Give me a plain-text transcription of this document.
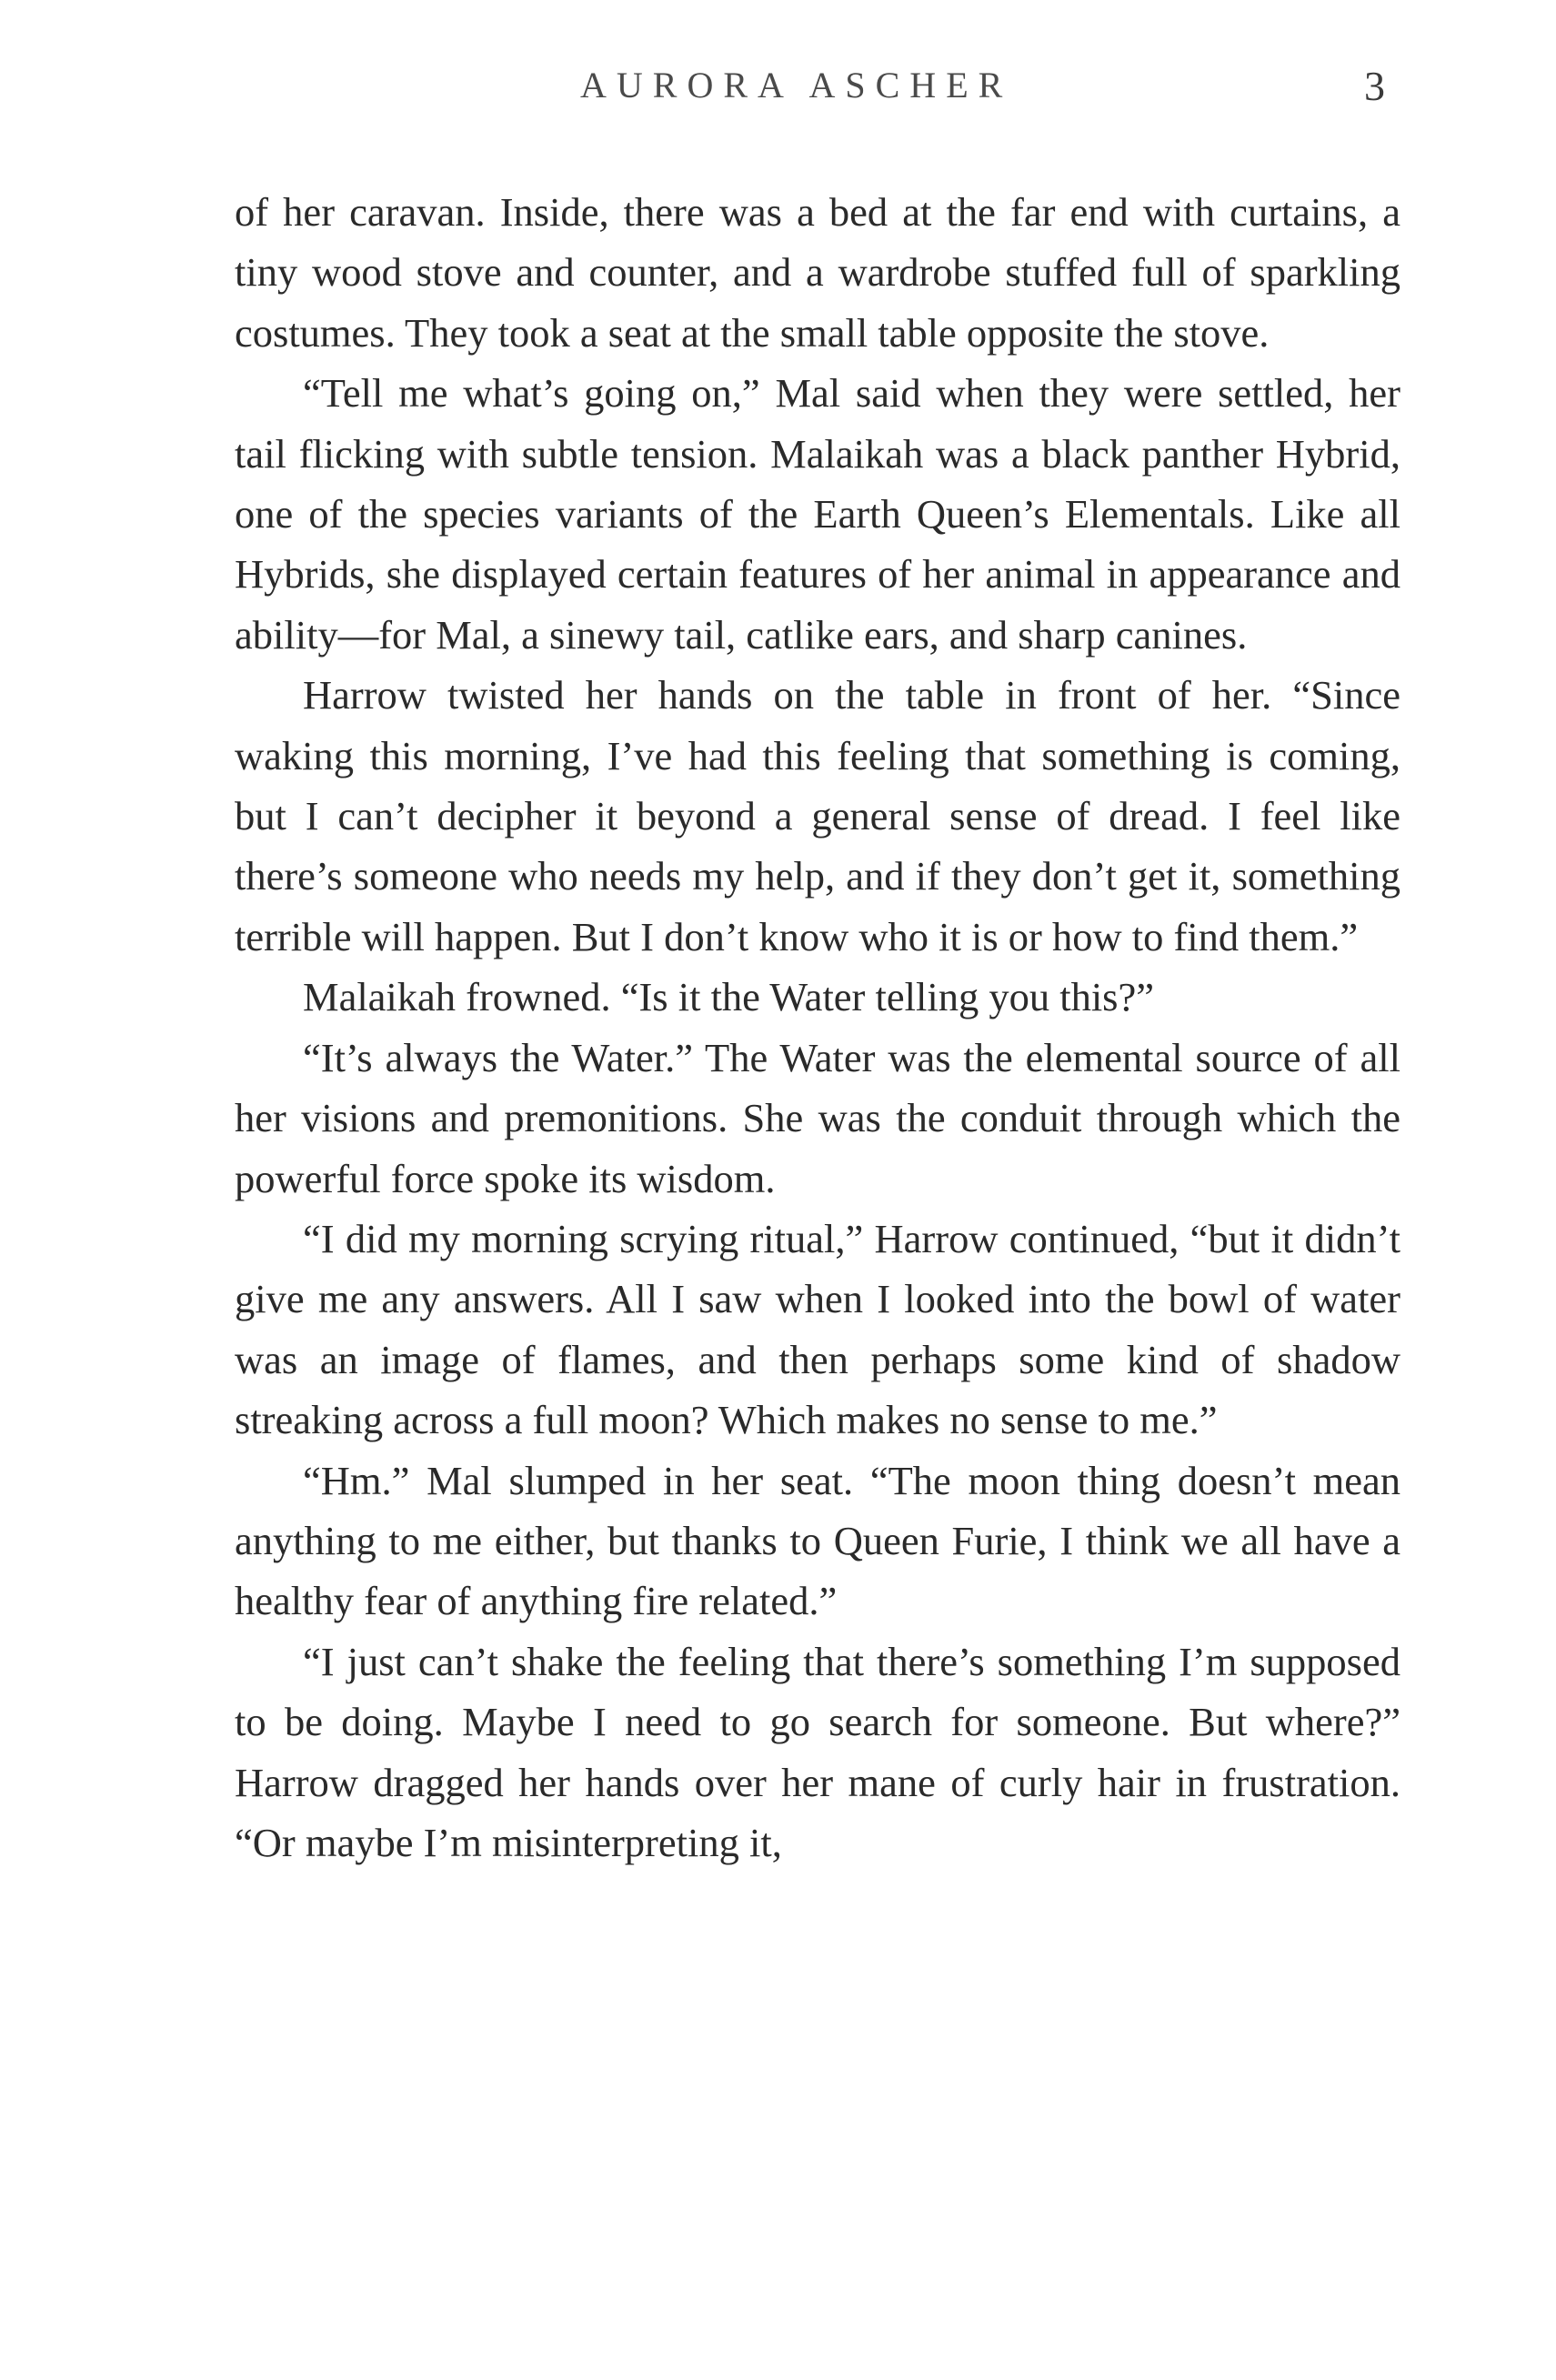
AURORA ASCHER	3

of her caravan. Inside, there was a bed at the far end with curtains, a tiny wood stove and counter, and a wardrobe stuffed full of sparkling costumes. They took a seat at the small table opposite the stove.

“Tell me what’s going on,” Mal said when they were settled, her tail flicking with subtle tension. Malaikah was a black panther Hybrid, one of the species variants of the Earth Queen’s Elementals. Like all Hybrids, she displayed certain features of her animal in appearance and ability—for Mal, a sinewy tail, catlike ears, and sharp canines.

Harrow twisted her hands on the table in front of her. “Since waking this morning, I’ve had this feeling that something is coming, but I can’t decipher it beyond a general sense of dread. I feel like there’s someone who needs my help, and if they don’t get it, something terrible will happen. But I don’t know who it is or how to find them.”

Malaikah frowned. “Is it the Water telling you this?”

“It’s always the Water.” The Water was the elemental source of all her visions and premonitions. She was the conduit through which the powerful force spoke its wisdom.

“I did my morning scrying ritual,” Harrow continued, “but it didn’t give me any answers. All I saw when I looked into the bowl of water was an image of flames, and then perhaps some kind of shadow streaking across a full moon? Which makes no sense to me.”

“Hm.” Mal slumped in her seat. “The moon thing doesn’t mean anything to me either, but thanks to Queen Furie, I think we all have a healthy fear of anything fire related.”

“I just can’t shake the feeling that there’s something I’m supposed to be doing. Maybe I need to go search for someone. But where?” Harrow dragged her hands over her mane of curly hair in frustration. “Or maybe I’m misinterpreting it,
